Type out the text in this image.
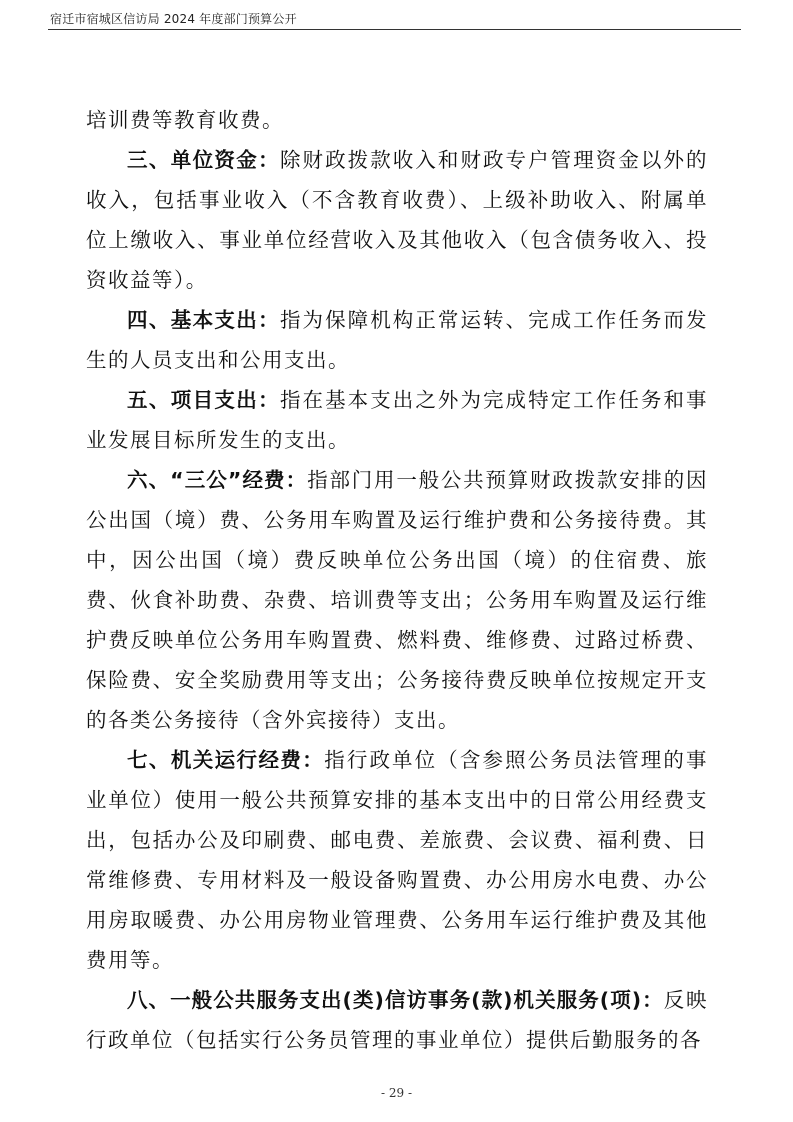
宿迁市宿城区信访局 2024 年度部门预算公开

培训费等教育收费。

三、单位资金：除财政拨款收入和财政专户管理资金以外的收入，包括事业收入（不含教育收费）、上级补助收入、附属单位上缴收入、事业单位经营收入及其他收入（包含债务收入、投资收益等）。

四、基本支出：指为保障机构正常运转、完成工作任务而发生的人员支出和公用支出。

五、项目支出：指在基本支出之外为完成特定工作任务和事业发展目标所发生的支出。

六、“三公”经费：指部门用一般公共预算财政拨款安排的因公出国（境）费、公务用车购置及运行维护费和公务接待费。其中，因公出国（境）费反映单位公务出国（境）的住宿费、旅费、伙食补助费、杂费、培训费等支出；公务用车购置及运行维护费反映单位公务用车购置费、燃料费、维修费、过路过桥费、保险费、安全奖励费用等支出；公务接待费反映单位按规定开支的各类公务接待（含外宾接待）支出。

七、机关运行经费：指行政单位（含参照公务员法管理的事业单位）使用一般公共预算安排的基本支出中的日常公用经费支出，包括办公及印刷费、邮电费、差旅费、会议费、福利费、日常维修费、专用材料及一般设备购置费、办公用房水电费、办公用房取暖费、办公用房物业管理费、公务用车运行维护费及其他费用等。

八、一般公共服务支出(类)信访事务(款)机关服务(项)：反映行政单位（包括实行公务员管理的事业单位）提供后勤服务的各

- 29 -
